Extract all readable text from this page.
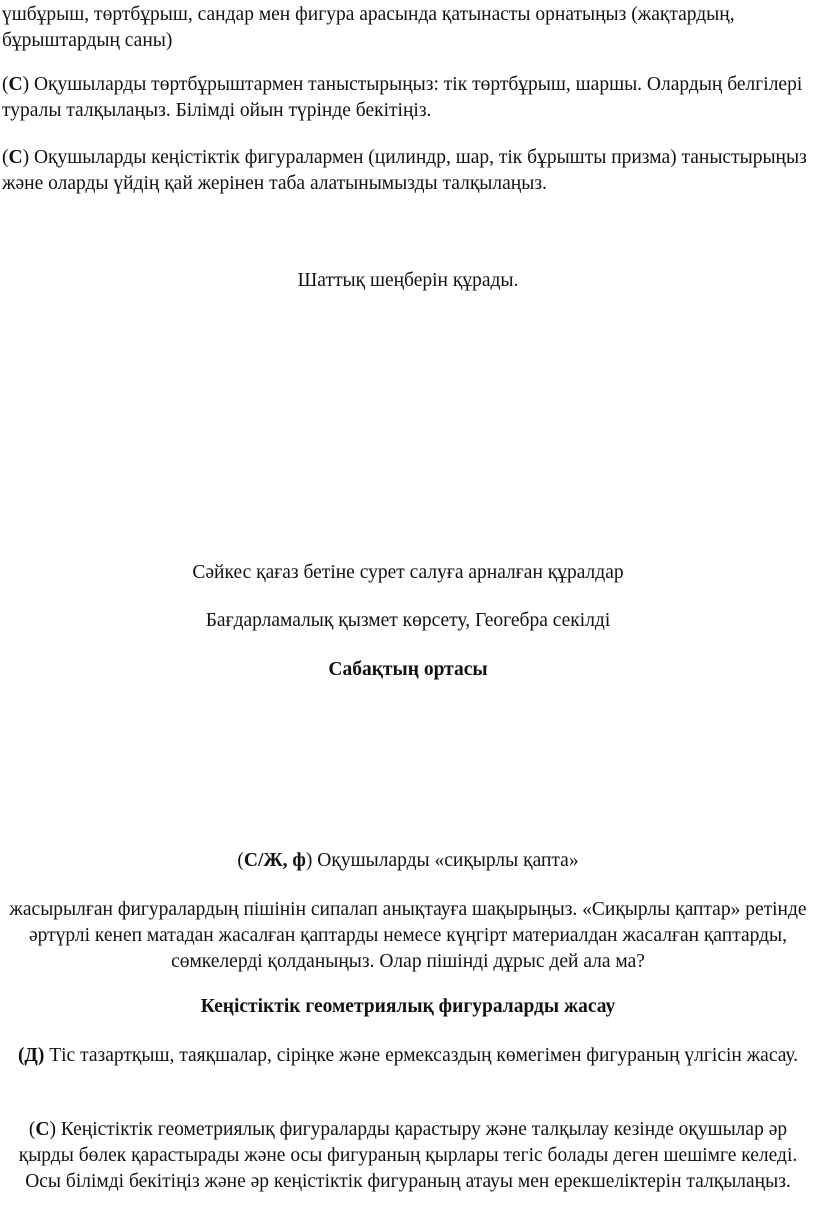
үшбұрыш, төртбұрыш, сандар мен фигура арасында қатынасты орнатыңыз (жақтардың, бұрыштардың саны)

(С) Оқушыларды төртбұрыштармен таныстырыңыз: тік төртбұрыш, шаршы. Олардың белгілері туралы талқылаңыз. Білімді ойын түрінде бекітіңіз.

(С) Оқушыларды кеңістіктік фигуралармен (цилиндр, шар, тік бұрышты призма) таныстырыңыз және оларды үйдің қай жерінен таба алатынымызды талқылаңыз.

Шаттық шеңберін құрады.

Сәйкес қағаз бетіне сурет салуға арналған құралдар

Бағдарламалық қызмет көрсету, Геогебра секілді

Сабақтың ортасы

(С/Ж, ф) Оқушыларды «сиқырлы қапта»

жасырылған фигуралардың пішінін сипалап анықтауға шақырыңыз. «Сиқырлы қаптар» ретінде әртүрлі кенеп матадан жасалған қаптарды немесе күңгірт материалдан жасалған қаптарды, сөмкелерді қолданыңыз. Олар пішінді дұрыс дей ала ма?

Кеңістіктік геометриялық фигураларды жасау

(Д) Тіс тазартқыш, таяқшалар, сіріңке және ермексаздың көмегімен фигураның үлгісін жасау.

(С) Кеңістіктік геометриялық фигураларды қарастыру және талқылау кезінде оқушылар әр қырды бөлек қарастырады және осы фигураның қырлары тегіс болады деген шешімге келеді. Осы білімді бекітіңіз және әр кеңістіктік фигураның атауы мен ерекшеліктерін талқылаңыз.
